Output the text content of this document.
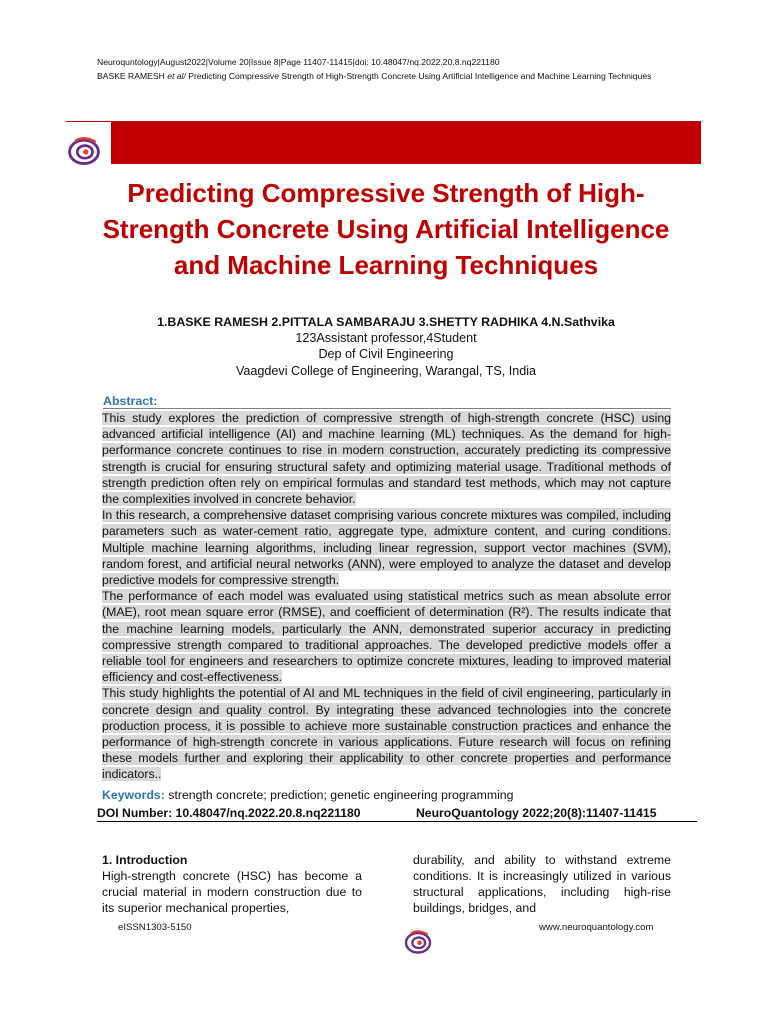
Neuroquntology|August2022|Volume 20|Issue 8|Page 11407-11415|doi: 10.48047/nq.2022.20.8.nq221180
BASKE RAMESH et al/ Predicting Compressive Strength of High-Strength Concrete Using Artificial Intelligence and Machine Learning Techniques
Predicting Compressive Strength of High-Strength Concrete Using Artificial Intelligence and Machine Learning Techniques
1.BASKE RAMESH 2.PITTALA SAMBARAJU 3.SHETTY RADHIKA 4.N.Sathvika
123Assistant professor,4Student
Dep of Civil Engineering
Vaagdevi College of Engineering, Warangal, TS, India
Abstract:

This study explores the prediction of compressive strength of high-strength concrete (HSC) using advanced artificial intelligence (AI) and machine learning (ML) techniques. As the demand for high-performance concrete continues to rise in modern construction, accurately predicting its compressive strength is crucial for ensuring structural safety and optimizing material usage. Traditional methods of strength prediction often rely on empirical formulas and standard test methods, which may not capture the complexities involved in concrete behavior.

In this research, a comprehensive dataset comprising various concrete mixtures was compiled, including parameters such as water-cement ratio, aggregate type, admixture content, and curing conditions. Multiple machine learning algorithms, including linear regression, support vector machines (SVM), random forest, and artificial neural networks (ANN), were employed to analyze the dataset and develop predictive models for compressive strength.

The performance of each model was evaluated using statistical metrics such as mean absolute error (MAE), root mean square error (RMSE), and coefficient of determination (R²). The results indicate that the machine learning models, particularly the ANN, demonstrated superior accuracy in predicting compressive strength compared to traditional approaches. The developed predictive models offer a reliable tool for engineers and researchers to optimize concrete mixtures, leading to improved material efficiency and cost-effectiveness.

This study highlights the potential of AI and ML techniques in the field of civil engineering, particularly in concrete design and quality control. By integrating these advanced technologies into the concrete production process, it is possible to achieve more sustainable construction practices and enhance the performance of high-strength concrete in various applications. Future research will focus on refining these models further and exploring their applicability to other concrete properties and performance indicators..

Keywords: strength concrete; prediction; genetic engineering programming
DOI Number: 10.48047/nq.2022.20.8.nq221180	NeuroQuantology 2022;20(8):11407-11415

1. Introduction

High-strength concrete (HSC) has become a crucial material in modern construction due to its superior mechanical properties,

durability, and ability to withstand extreme conditions. It is increasingly utilized in various structural applications, including high-rise buildings, bridges, and

eISSN1303-5150	www.neuroquantology.com
